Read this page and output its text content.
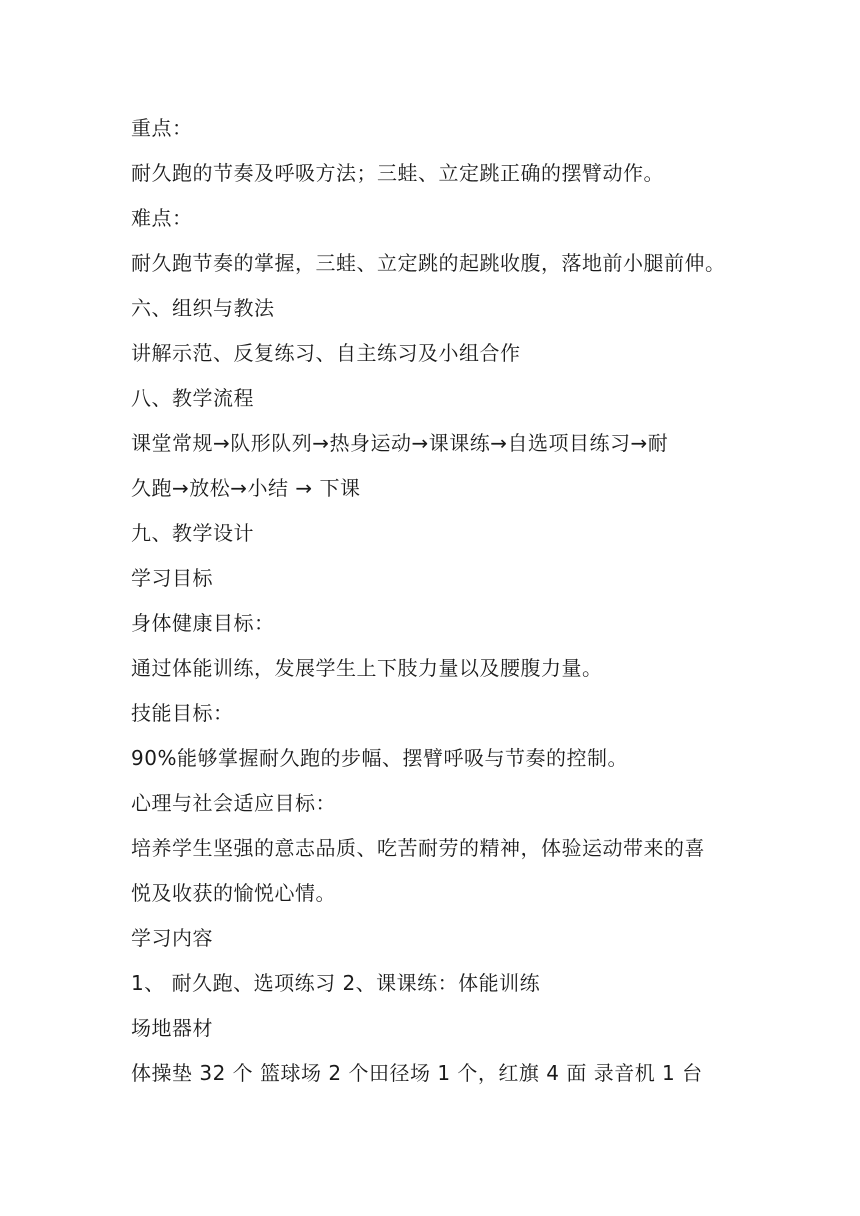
重点：
耐久跑的节奏及呼吸方法；三蛙、立定跳正确的摆臂动作。
难点：
耐久跑节奏的掌握，三蛙、立定跳的起跳收腹，落地前小腿前伸。
六、组织与教法
讲解示范、反复练习、自主练习及小组合作
八、教学流程
课堂常规→队形队列→热身运动→课课练→自选项目练习→耐
久跑→放松→小结 → 下课
九、教学设计
学习目标
身体健康目标：
通过体能训练，发展学生上下肢力量以及腰腹力量。
技能目标：
90%能够掌握耐久跑的步幅、摆臂呼吸与节奏的控制。
心理与社会适应目标：
培养学生坚强的意志品质、吃苦耐劳的精神，体验运动带来的喜
悦及收获的愉悦心情。
学习内容
1、 耐久跑、选项练习 2、课课练：体能训练
场地器材
体操垫 32 个 篮球场 2 个田径场 1 个，红旗 4 面 录音机 1 台
